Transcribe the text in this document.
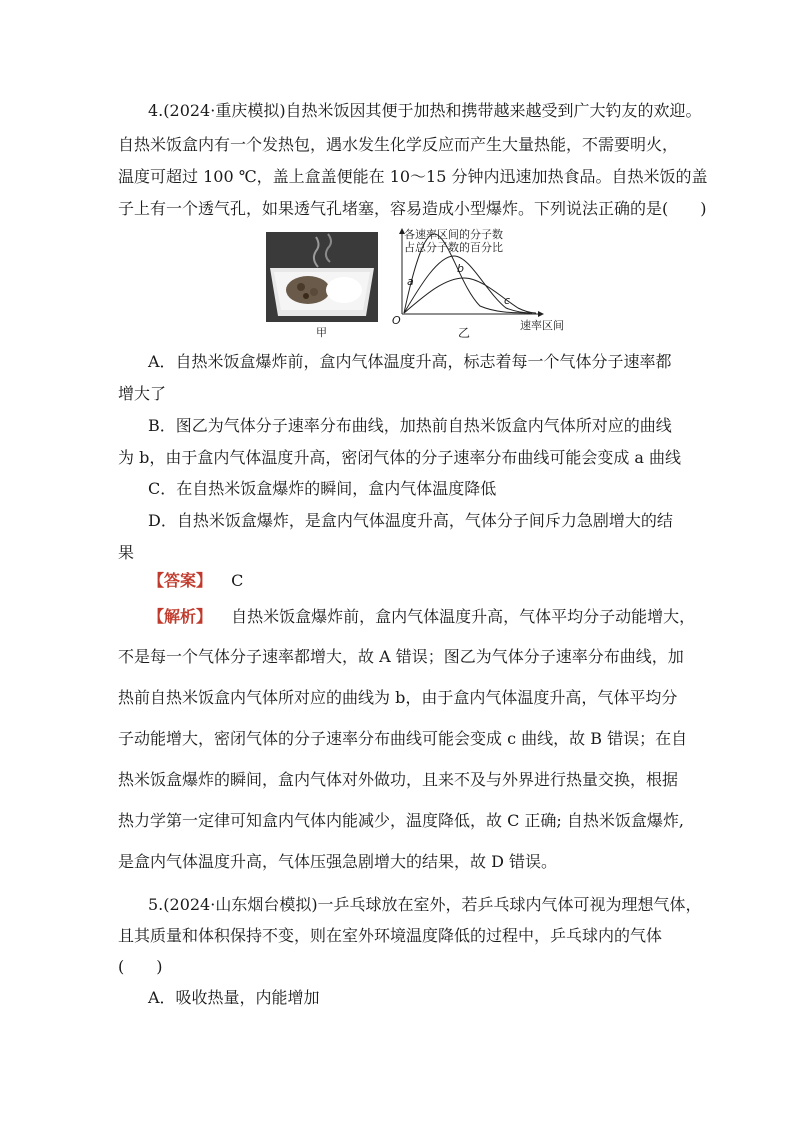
4.(2024·重庆模拟)自热米饭因其便于加热和携带越来越受到广大钓友的欢迎。
自热米饭盒内有一个发热包，遇水发生化学反应而产生大量热能，不需要明火，
温度可超过 100 ℃，盖上盒盖便能在 10～15 分钟内迅速加热食品。自热米饭的盖
子上有一个透气孔，如果透气孔堵塞，容易造成小型爆炸。下列说法正确的是(　　)
甲
各速率区间的分子数
占总分子数的百分比
a
b
c
O	速率区间
乙
A．自热米饭盒爆炸前，盒内气体温度升高，标志着每一个气体分子速率都
增大了
B．图乙为气体分子速率分布曲线，加热前自热米饭盒内气体所对应的曲线
为 b，由于盒内气体温度升高，密闭气体的分子速率分布曲线可能会变成 a 曲线
C．在自热米饭盒爆炸的瞬间，盒内气体温度降低
D．自热米饭盒爆炸，是盒内气体温度升高，气体分子间斥力急剧增大的结
果
【答案】 C
【解析】 自热米饭盒爆炸前，盒内气体温度升高，气体平均分子动能增大，
不是每一个气体分子速率都增大，故 A 错误；图乙为气体分子速率分布曲线，加
热前自热米饭盒内气体所对应的曲线为 b，由于盒内气体温度升高，气体平均分
子动能增大，密闭气体的分子速率分布曲线可能会变成 c 曲线，故 B 错误；在自
热米饭盒爆炸的瞬间，盒内气体对外做功，且来不及与外界进行热量交换，根据
热力学第一定律可知盒内气体内能减少，温度降低，故 C 正确; 自热米饭盒爆炸,
是盒内气体温度升高，气体压强急剧增大的结果，故 D 错误。
5.(2024·山东烟台模拟)一乒乓球放在室外，若乒乓球内气体可视为理想气体，
且其质量和体积保持不变，则在室外环境温度降低的过程中，乒乓球内的气体
(　　)
A．吸收热量，内能增加
